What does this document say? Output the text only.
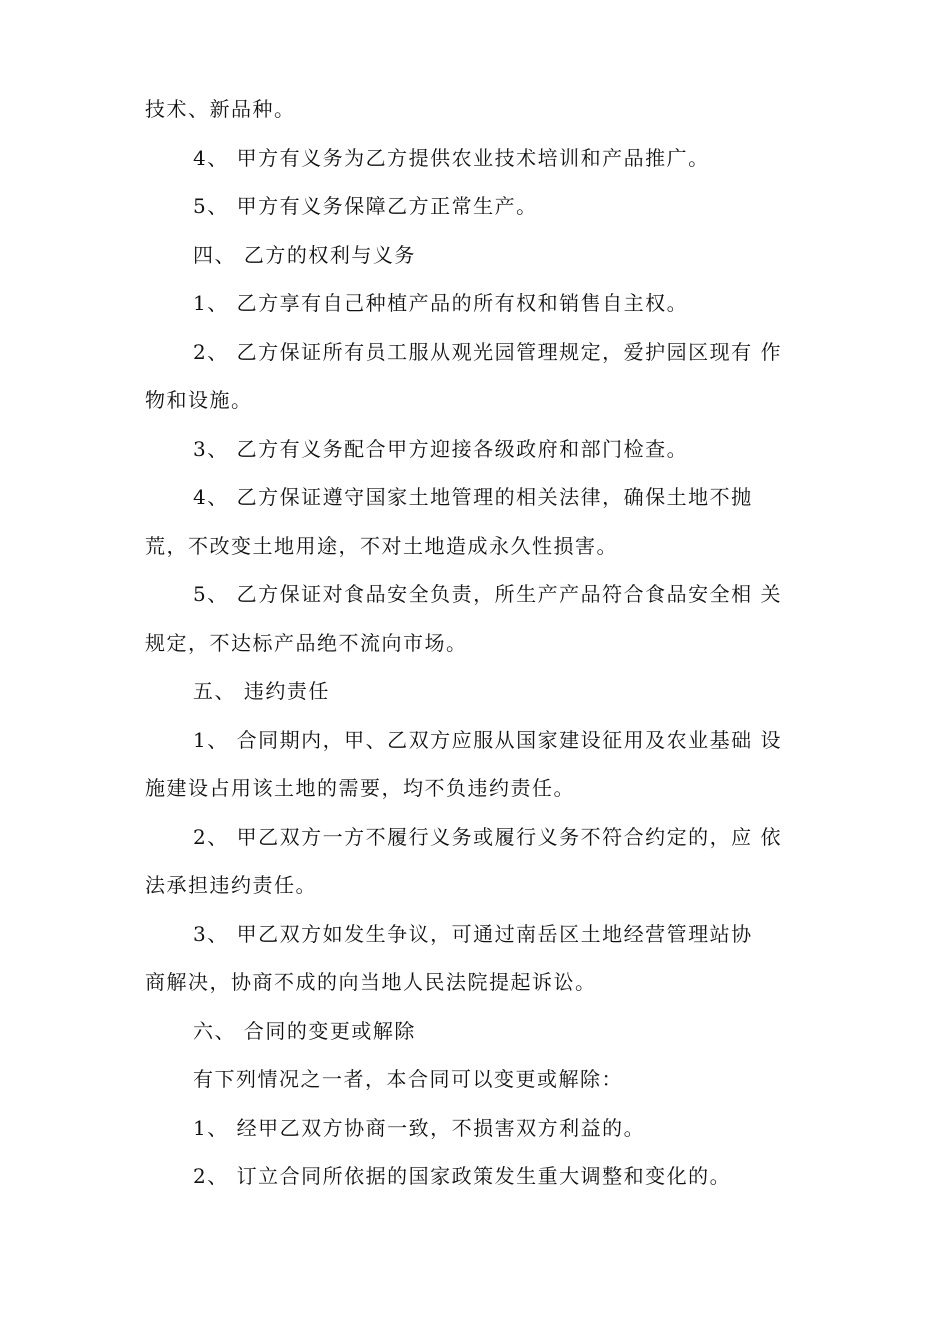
技术、新品种。
4、 甲方有义务为乙方提供农业技术培训和产品推广。
5、 甲方有义务保障乙方正常生产。
四、 乙方的权利与义务
1、 乙方享有自己种植产品的所有权和销售自主权。
2、 乙方保证所有员工服从观光园管理规定，爱护园区现有 作
物和设施。
3、 乙方有义务配合甲方迎接各级政府和部门检查。
4、 乙方保证遵守国家土地管理的相关法律，确保土地不抛
荒，不改变土地用途，不对土地造成永久性损害。
5、 乙方保证对食品安全负责，所生产产品符合食品安全相 关
规定，不达标产品绝不流向市场。
五、 违约责任
1、 合同期内，甲、乙双方应服从国家建设征用及农业基础 设
施建设占用该土地的需要，均不负违约责任。
2、 甲乙双方一方不履行义务或履行义务不符合约定的，应 依
法承担违约责任。
3、 甲乙双方如发生争议，可通过南岳区土地经营管理站协
商解决，协商不成的向当地人民法院提起诉讼。
六、 合同的变更或解除
有下列情况之一者，本合同可以变更或解除：
1、 经甲乙双方协商一致，不损害双方利益的。
2、 订立合同所依据的国家政策发生重大调整和变化的。
